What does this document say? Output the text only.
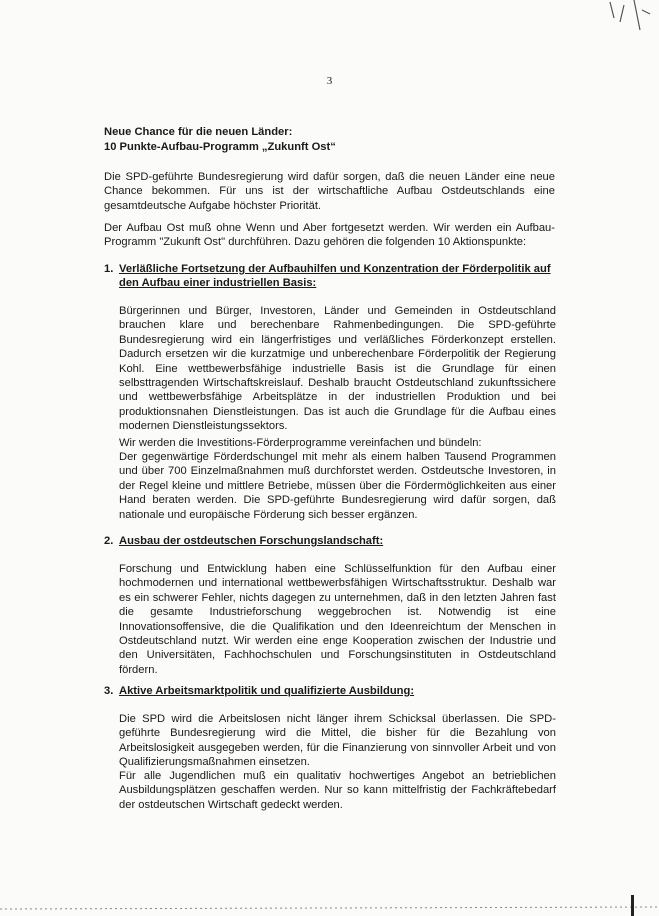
3
Neue Chance für die neuen Länder:
10 Punkte-Aufbau-Programm „Zukunft Ost“
Die SPD-geführte Bundesregierung wird dafür sorgen, daß die neuen Länder eine neue Chance bekommen. Für uns ist der wirtschaftliche Aufbau Ostdeutschlands eine gesamtdeutsche Aufgabe höchster Priorität.
Der Aufbau Ost muß ohne Wenn und Aber fortgesetzt werden. Wir werden ein Aufbau-Programm "Zukunft Ost" durchführen. Dazu gehören die folgenden 10 Aktionspunkte:
1. Verläßliche Fortsetzung der Aufbauhilfen und Konzentration der Förderpolitik auf den Aufbau einer industriellen Basis:
Bürgerinnen und Bürger, Investoren, Länder und Gemeinden in Ostdeutschland brauchen klare und berechenbare Rahmenbedingungen. Die SPD-geführte Bundesregierung wird ein längerfristiges und verläßliches Förderkonzept erstellen. Dadurch ersetzen wir die kurzatmige und unberechenbare Förderpolitik der Regierung Kohl. Eine wettbewerbsfähige industrielle Basis ist die Grundlage für einen selbsttragenden Wirtschaftskreislauf. Deshalb braucht Ostdeutschland zukunftssichere und wettbewerbsfähige Arbeitsplätze in der industriellen Produktion und bei produktionsnahen Dienstleistungen. Das ist auch die Grundlage für die Aufbau eines modernen Dienstleistungssektors.
Wir werden die Investitions-Förderprogramme vereinfachen und bündeln:
Der gegenwärtige Förderdschungel mit mehr als einem halben Tausend Programmen und über 700 Einzelmaßnahmen muß durchforstet werden. Ostdeutsche Investoren, in der Regel kleine und mittlere Betriebe, müssen über die Fördermöglichkeiten aus einer Hand beraten werden. Die SPD-geführte Bundesregierung wird dafür sorgen, daß nationale und europäische Förderung sich besser ergänzen.
2. Ausbau der ostdeutschen Forschungslandschaft:
Forschung und Entwicklung haben eine Schlüsselfunktion für den Aufbau einer hochmodernen und international wettbewerbsfähigen Wirtschaftsstruktur. Deshalb war es ein schwerer Fehler, nichts dagegen zu unternehmen, daß in den letzten Jahren fast die gesamte Industrieforschung weggebrochen ist. Notwendig ist eine Innovationsoffensive, die die Qualifikation und den Ideenreichtum der Menschen in Ostdeutschland nutzt. Wir werden eine enge Kooperation zwischen der Industrie und den Universitäten, Fachhochschulen und Forschungsinstituten in Ostdeutschland fördern.
3. Aktive Arbeitsmarktpolitik und qualifizierte Ausbildung:
Die SPD wird die Arbeitslosen nicht länger ihrem Schicksal überlassen. Die SPD-geführte Bundesregierung wird die Mittel, die bisher für die Bezahlung von Arbeitslosigkeit ausgegeben werden, für die Finanzierung von sinnvoller Arbeit und von Qualifizierungsmaßnahmen einsetzen.
Für alle Jugendlichen muß ein qualitativ hochwertiges Angebot an betrieblichen Ausbildungsplätzen geschaffen werden. Nur so kann mittelfristig der Fachkräftebedarf der ostdeutschen Wirtschaft gedeckt werden.
